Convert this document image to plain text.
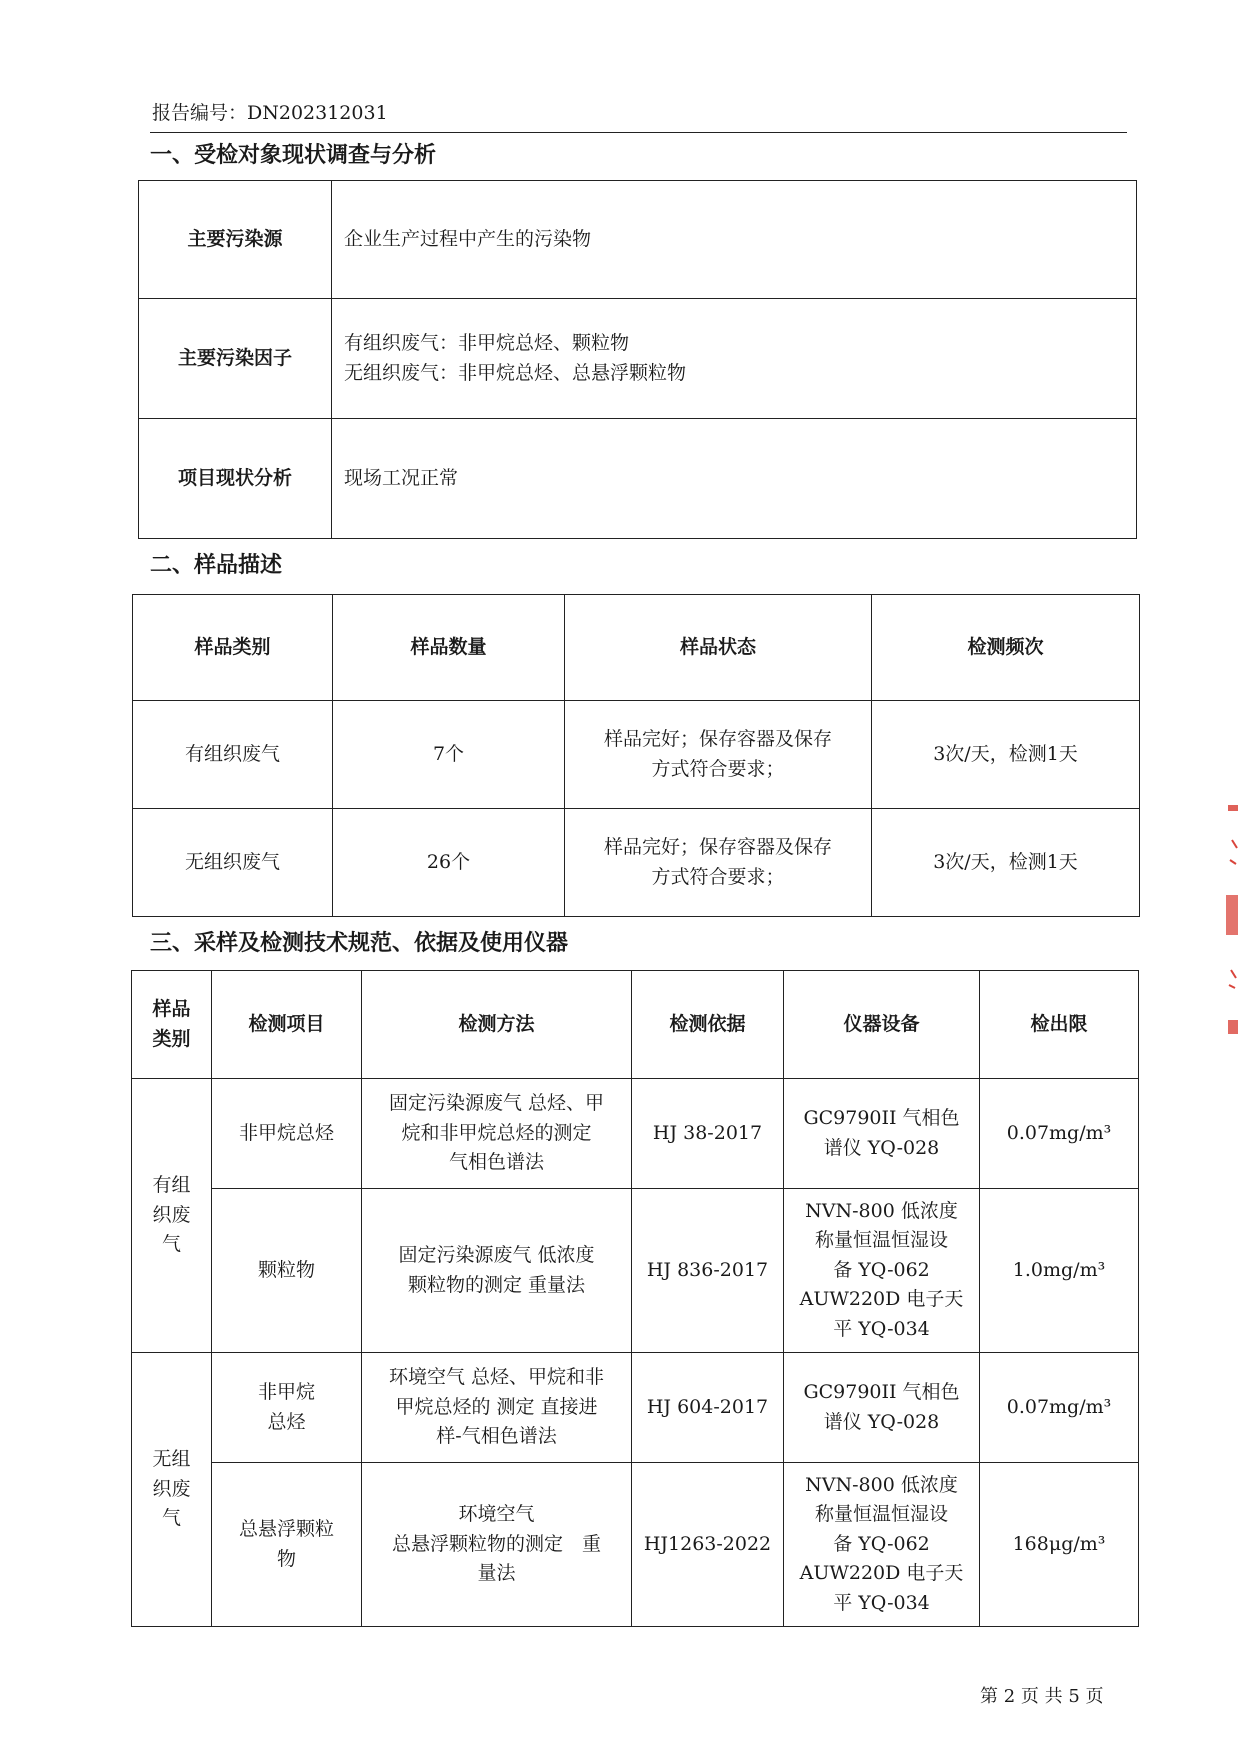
报告编号：DN202312031
一、受检对象现状调查与分析
主要污染源	企业生产过程中产生的污染物

主要污染因子	有组织废气：非甲烷总烃、颗粒物
无组织废气：非甲烷总烃、总悬浮颗粒物

项目现状分析	现场工况正常
二、样品描述
样品类别	样品数量	样品状态	检测频次
有组织废气	7个	样品完好；保存容器及保存
方式符合要求；	3次/天，检测1天
无组织废气	26个	样品完好；保存容器及保存
方式符合要求；	3次/天，检测1天
三、采样及检测技术规范、依据及使用仪器
样品
类别	检测项目	检测方法	检测依据	仪器设备	检出限

有组
织废
气	非甲烷总烃	固定污染源废气 总烃、甲
烷和非甲烷总烃的测定
气相色谱法	HJ 38-2017	GC9790II 气相色
谱仪 YQ-028	0.07mg/m³

	颗粒物	固定污染源废气 低浓度
颗粒物的测定 重量法	HJ 836-2017	NVN-800 低浓度
称量恒温恒湿设
备 YQ-062
AUW220D 电子天
平 YQ-034	1.0mg/m³

无组
织废
气	非甲烷
总烃	环境空气 总烃、甲烷和非
甲烷总烃的 测定 直接进
样-气相色谱法	HJ 604-2017	GC9790II 气相色
谱仪 YQ-028	0.07mg/m³

	总悬浮颗粒
物	环境空气
总悬浮颗粒物的测定　重
量法	HJ1263-2022	NVN-800 低浓度
称量恒温恒湿设
备 YQ-062
AUW220D 电子天
平 YQ-034	168μg/m³
第 2 页 共 5 页
